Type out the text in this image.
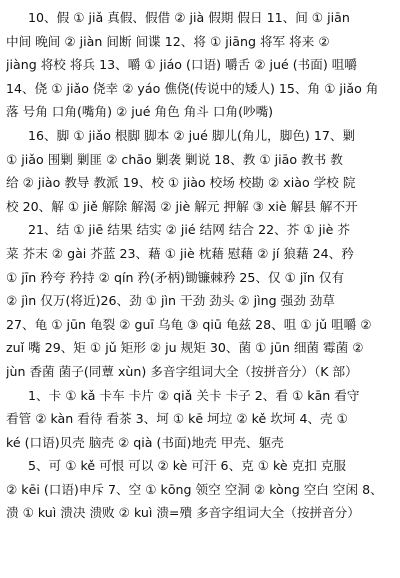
10、假 ① jiǎ 真假、假借 ② jià 假期 假日 11、间 ① jiān
中间 晚间 ② jiàn 间断 间谍 12、将 ① jiāng 将军 将来 ②
jiàng 将校 将兵 13、嚼 ① jiáo (口语) 嚼舌 ② jué (书面) 咀嚼
14、侥 ① jiǎo 侥幸 ② yáo 僬侥(传说中的矮人) 15、角 ① jiǎo 角
落 号角 口角(嘴角) ② jué 角色 角斗 口角(吵嘴)
16、脚 ① jiǎo 根脚 脚本 ② jué 脚儿(角儿，脚色) 17、剿
① jiǎo 围剿 剿匪 ② chāo 剿袭 剿说 18、教 ① jiāo 教书 教
给 ② jiào 教导 教派 19、校 ① jiào 校场 校勘 ② xiào 学校 院
校 20、解 ① jiě 解除 解渴 ② jiè 解元 押解 ③ xiè 解县 解不开
21、结 ① jiē 结果 结实 ② jié 结网 结合 22、芥 ① jiè 芥
菜 芥末 ② gài 芥蓝 23、藉 ① jiè 枕藉 慰藉 ② jí 狼藉 24、矜
① jīn 矜夸 矜持 ② qín 矜(矛柄)锄镰棘矜 25、仅 ① jǐn 仅有
② jìn 仅万(将近)26、劲 ① jìn 干劲 劲头 ② jìng 强劲 劲草
27、龟 ① jūn 龟裂 ② guī 乌龟 ③ qiū 龟兹 28、咀 ① jǔ 咀嚼 ②
zuǐ 嘴 29、矩 ① jǔ 矩形 ② ju 规矩 30、菌 ① jūn 细菌 霉菌 ②
jùn 香菌 菌子(同蕈 xùn) 多音字组词大全（按拼音分）（K 部）
1、卡 ① kǎ 卡车 卡片 ② qiǎ 关卡 卡子 2、看 ① kān 看守
看管 ② kàn 看待 看茶 3、坷 ① kē 坷垃 ② kě 坎坷 4、壳 ①
ké (口语)贝壳 脑壳 ② qià (书面)地壳 甲壳、躯壳
5、可 ① kě 可恨 可以 ② kè 可汗 6、克 ① kè 克扣 克服
② kēi (口语)申斥 7、空 ① kōng 领空 空洞 ② kòng 空白 空闲 8、
溃 ① kuì 溃决 溃败 ② kuì 溃=殨 多音字组词大全（按拼音分）
